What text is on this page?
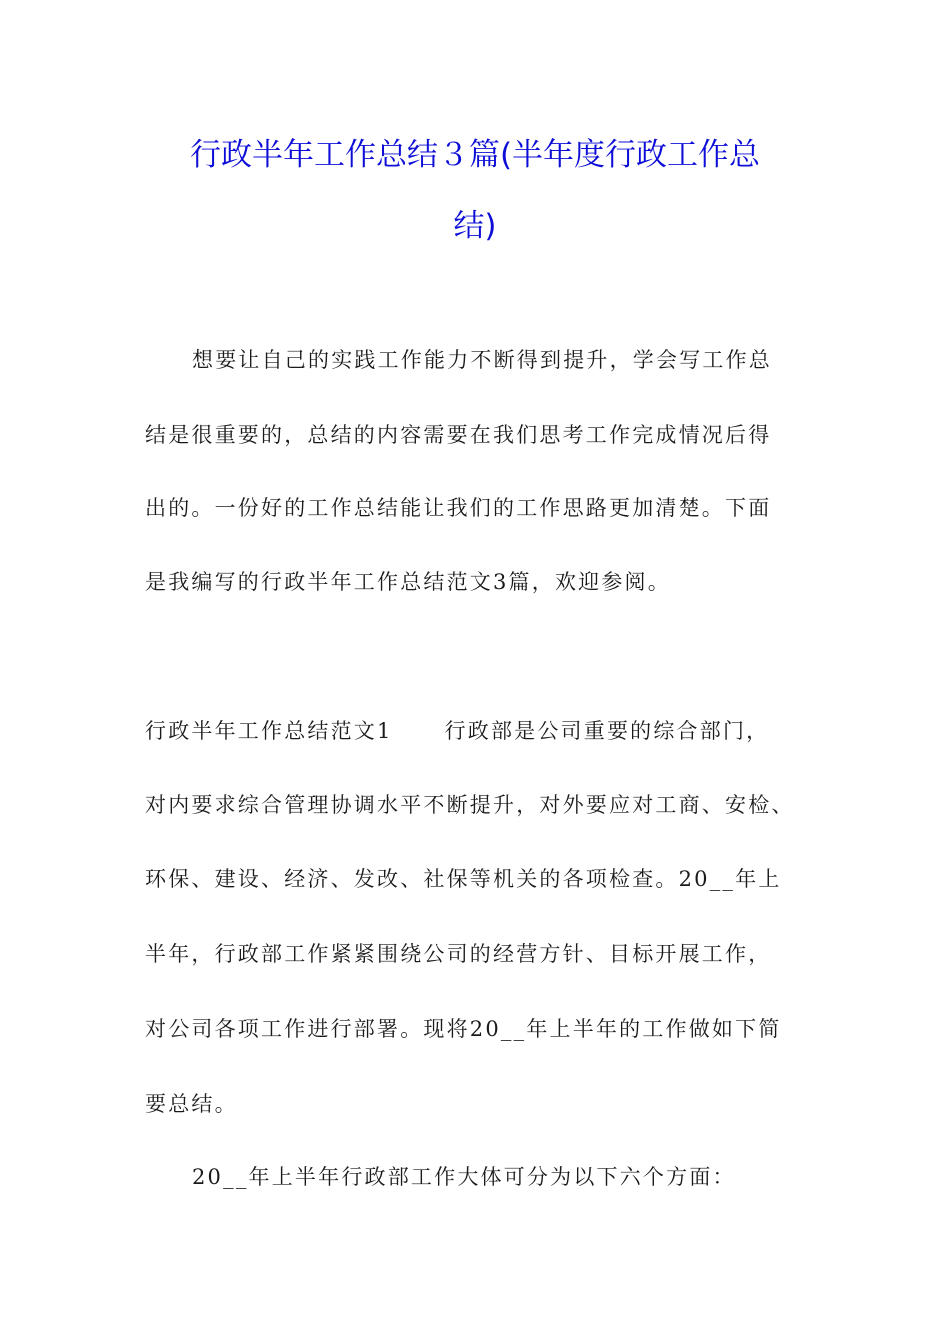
行政半年工作总结３篇(半年度行政工作总
结)
想要让自己的实践工作能力不断得到提升，学会写工作总
结是很重要的，总结的内容需要在我们思考工作完成情况后得
出的。一份好的工作总结能让我们的工作思路更加清楚。下面
是我编写的行政半年工作总结范文3篇，欢迎参阅。
行政半年工作总结范文1 行政部是公司重要的综合部门，
对内要求综合管理协调水平不断提升，对外要应对工商、安检、
环保、建设、经济、发改、社保等机关的各项检查。20__年上
半年，行政部工作紧紧围绕公司的经营方针、目标开展工作，
对公司各项工作进行部署。现将20__年上半年的工作做如下简
要总结。
20__年上半年行政部工作大体可分为以下六个方面：
